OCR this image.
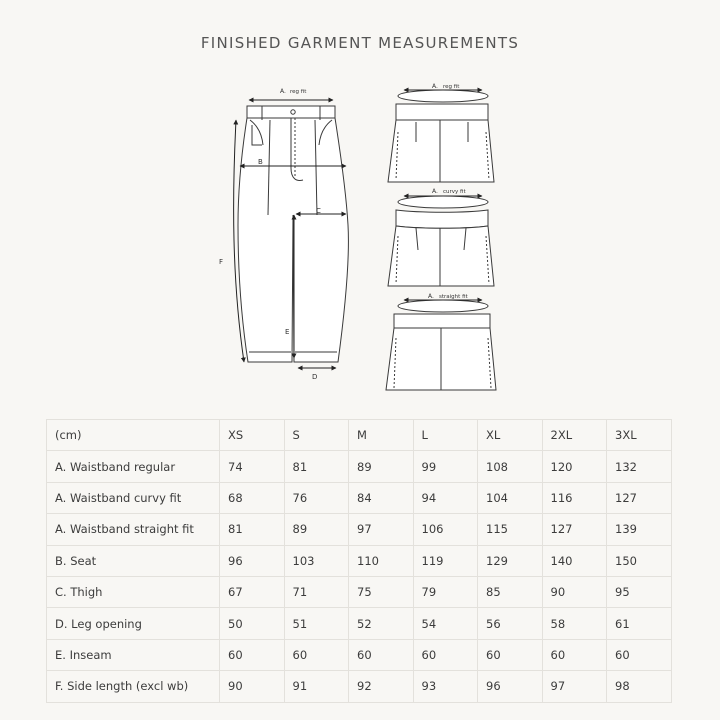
FINISHED GARMENT MEASUREMENTS
A. reg fit
B
C
D
E
F
A. reg fit
A. curvy fit
A. straight fit
(cm)	XS	S	M	L	XL	2XL	3XL
A. Waistband regular	74	81	89	99	108	120	132
A. Waistband curvy fit	68	76	84	94	104	116	127
A. Waistband straight fit	81	89	97	106	115	127	139
B. Seat	96	103	110	119	129	140	150
C. Thigh	67	71	75	79	85	90	95
D. Leg opening	50	51	52	54	56	58	61
E. Inseam	60	60	60	60	60	60	60
F. Side length (excl wb)	90	91	92	93	96	97	98
